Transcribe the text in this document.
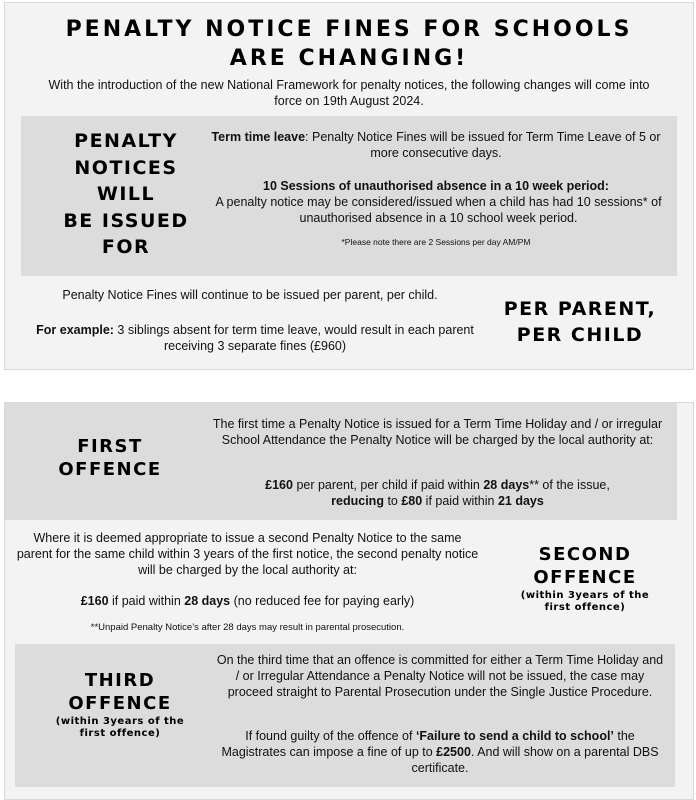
PENALTY NOTICE FINES FOR SCHOOLS
ARE CHANGING!
With the introduction of the new National Framework for penalty notices, the following changes will come into force on 19th August 2024.
PENALTY
NOTICES
WILL
BE ISSUED
FOR
Term time leave: Penalty Notice Fines will be issued for Term Time Leave of 5 or more consecutive days.
10 Sessions of unauthorised absence in a 10 week period:
A penalty notice may be considered/issued when a child has had 10 sessions* of unauthorised absence in a 10 school week period.
*Please note there are 2 Sessions per day AM/PM
Penalty Notice Fines will continue to be issued per parent, per child.
For example: 3 siblings absent for term time leave, would result in each parent receiving 3 separate fines (£960)
PER PARENT,
PER CHILD
FIRST
OFFENCE
The first time a Penalty Notice is issued for a Term Time Holiday and / or irregular School Attendance the Penalty Notice will be charged by the local authority at:
£160 per parent, per child if paid within 28 days** of the issue,
reducing to £80 if paid within 21 days
Where it is deemed appropriate to issue a second Penalty Notice to the same parent for the same child within 3 years of the first notice, the second penalty notice will be charged by the local authority at:
£160 if paid within 28 days (no reduced fee for paying early)
**Unpaid Penalty Notice’s after 28 days may result in parental prosecution.
SECOND
OFFENCE
(within 3years of the
first offence)
THIRD
OFFENCE
(within 3years of the
first offence)
On the third time that an offence is committed for either a Term Time Holiday and / or Irregular Attendance a Penalty Notice will not be issued, the case may proceed straight to Parental Prosecution under the Single Justice Procedure.
If found guilty of the offence of ‘Failure to send a child to school’ the Magistrates can impose a fine of up to £2500. And will show on a parental DBS certificate.
